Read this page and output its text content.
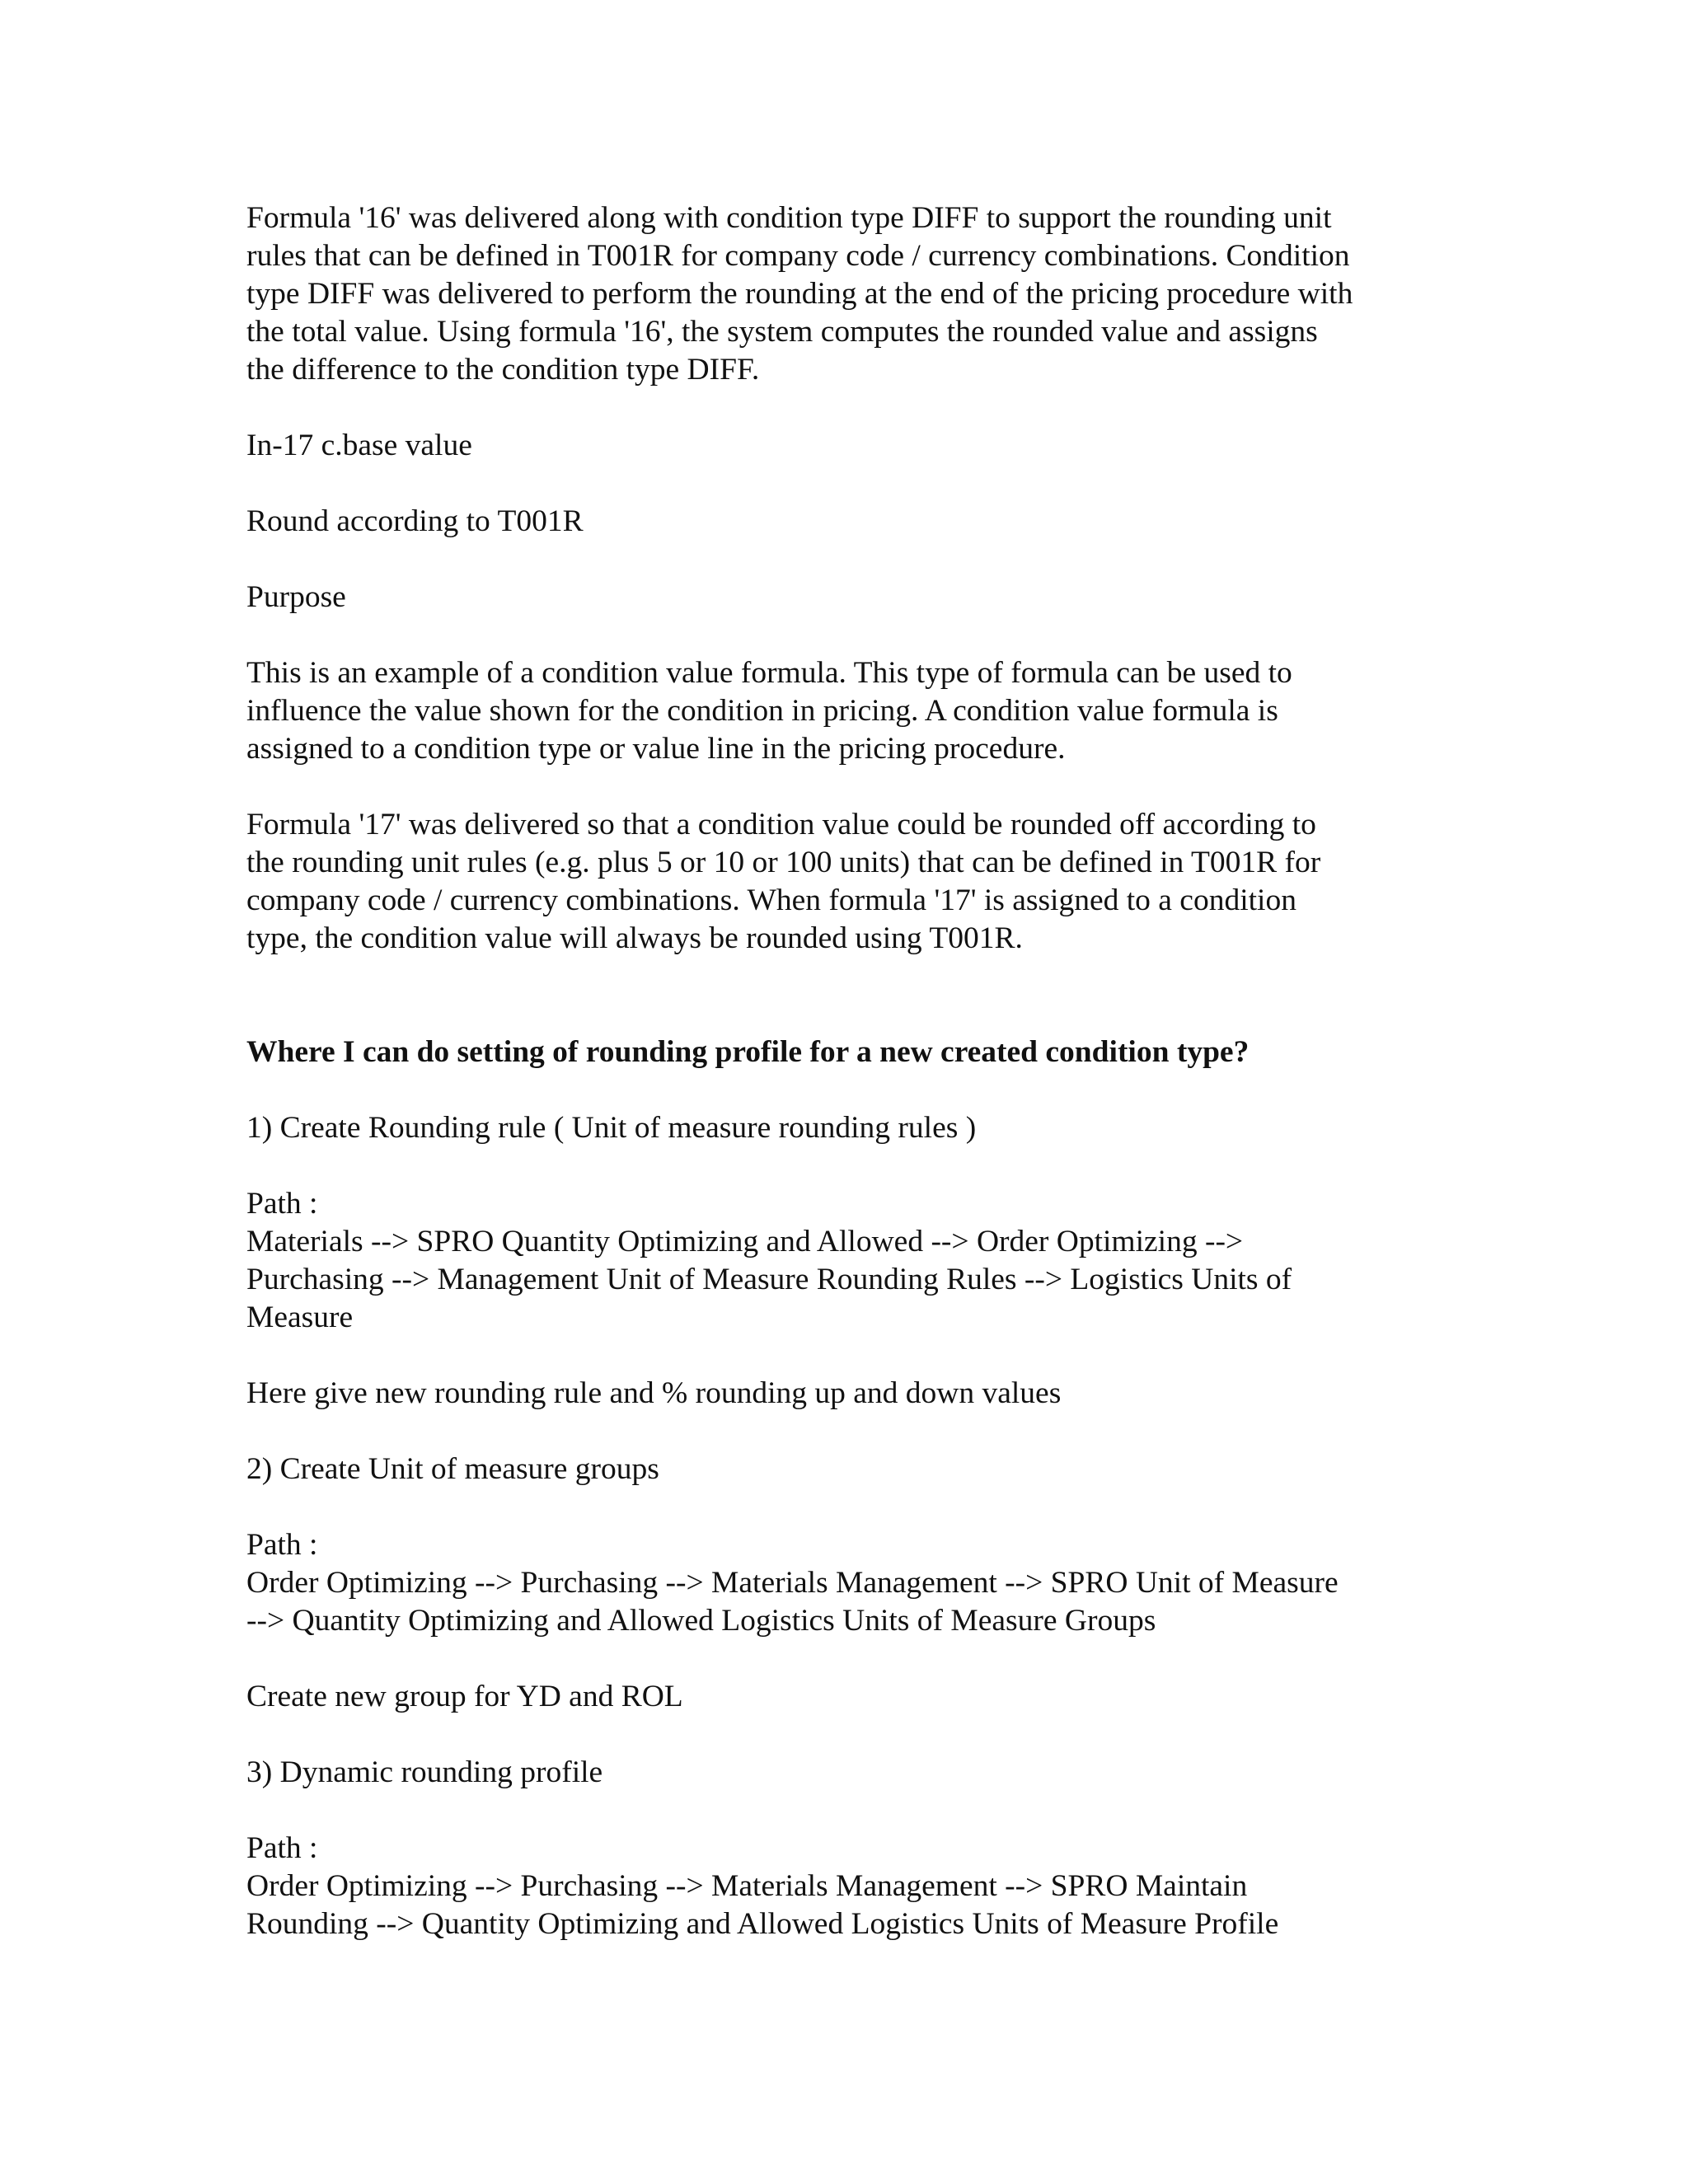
Formula '16' was delivered along with condition type DIFF to support the rounding unit
rules that can be defined in T001R for company code / currency combinations. Condition
type DIFF was delivered to perform the rounding at the end of the pricing procedure with
the total value. Using formula '16', the system computes the rounded value and assigns
the difference to the condition type DIFF.

In-17 c.base value

Round according to T001R

Purpose

This is an example of a condition value formula. This type of formula can be used to
influence the value shown for the condition in pricing. A condition value formula is
assigned to a condition type or value line in the pricing procedure.

Formula '17' was delivered so that a condition value could be rounded off according to
the rounding unit rules (e.g. plus 5 or 10 or 100 units) that can be defined in T001R for
company code / currency combinations. When formula '17' is assigned to a condition
type, the condition value will always be rounded using T001R.

Where I can do setting of rounding profile for a new created condition type?

1) Create Rounding rule ( Unit of measure rounding rules )

Path :
Materials --> SPRO Quantity Optimizing and Allowed --> Order Optimizing -->
Purchasing --> Management Unit of Measure Rounding Rules --> Logistics Units of
Measure

Here give new rounding rule and % rounding up and down values

2) Create Unit of measure groups

Path :
Order Optimizing --> Purchasing --> Materials Management --> SPRO Unit of Measure
--> Quantity Optimizing and Allowed Logistics Units of Measure Groups

Create new group for YD and ROL

3) Dynamic rounding profile

Path :
Order Optimizing --> Purchasing --> Materials Management --> SPRO Maintain
Rounding --> Quantity Optimizing and Allowed Logistics Units of Measure Profile
